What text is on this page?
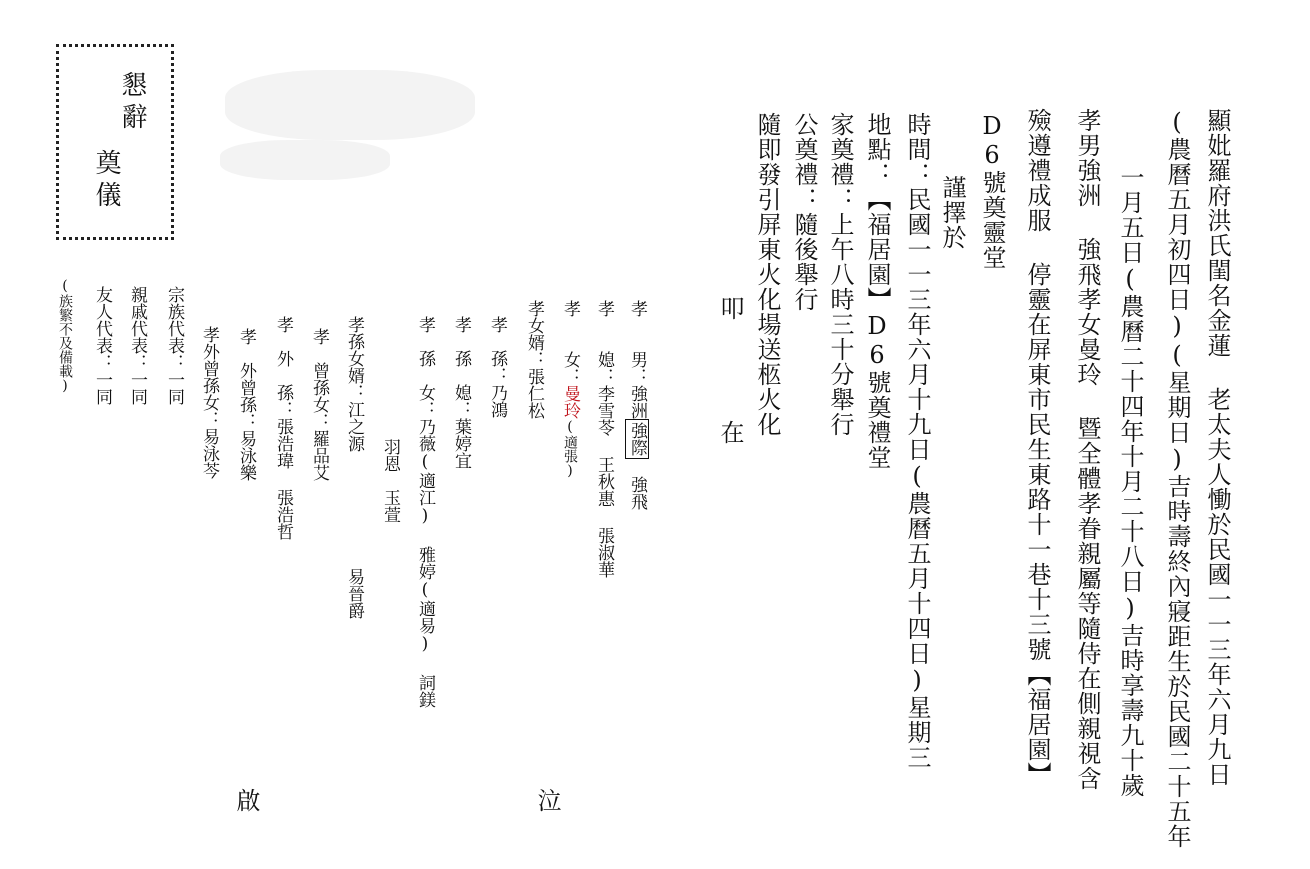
顯妣羅府洪氏閨名金蓮 老太夫人慟於民國一一三年六月九日
(農曆五月初四日)(星期日)吉時壽終內寢距生於民國二十五年
一月五日(農曆二十四年十月二十八日)吉時享壽九十歲
孝男強洲 強飛孝女曼玲 暨全體孝眷親屬等隨侍在側親視含
殮遵禮成服 停靈在屏東市民生東路十一巷十三號【福居園】
D6號奠靈堂
謹擇於
時間：民國一一三年六月十九日(農曆五月十四日)星期三
地點：【福居園】D6號奠禮堂
家奠禮：上午八時三十分舉行
公奠禮：隨後舉行
隨即發引屏東火化場送柩火化
叩
在
孝　　男：強洲強際　強飛
孝　　媳：李雪苓 王秋惠 張淑華
孝　　女：曼玲(適張)
孝女婿：張仁松
孝　孫：乃鴻
孝　孫　媳：葉婷宜
孝　孫　女：乃薇(適江) 雅婷(適易) 詞鎂
羽恩　玉萱
孝孫女婿：江之源
易晉爵
孝　曾孫女：羅品艾
孝　外　孫：張浩瑋 張浩哲
孝　外曾孫：易泳樂
孝外曾孫女：易泳芩
宗族代表：一同
親戚代表：一同
友人代表：一同
(族繁不及備載)
懇辭
奠儀
啟	泣
